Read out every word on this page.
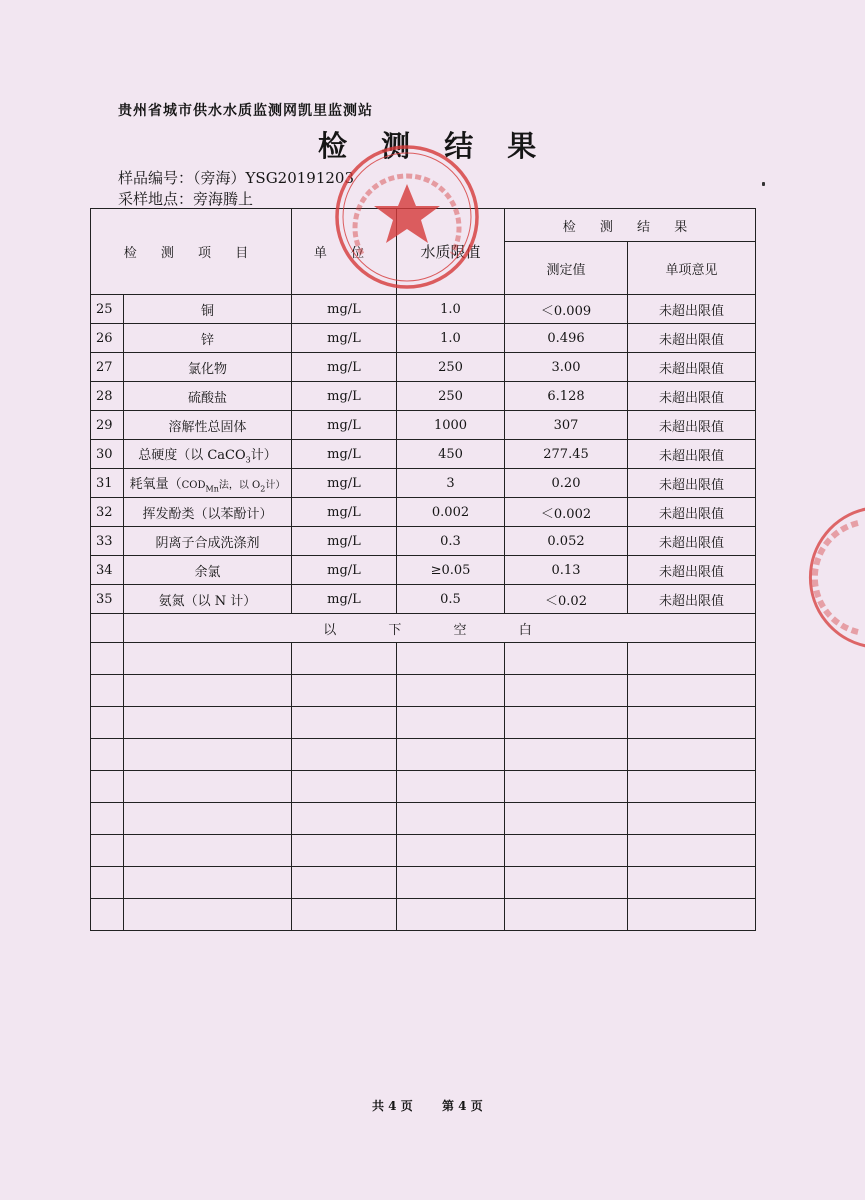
贵州省城市供水水质监测网凯里监测站
检 测 结 果
样品编号：（旁海）YSG20191203
采样地点：旁海腾上
检 测 项 目		单 位	水质限值	检 测 结 果	
				测定值	单项意见
25	铜	mg/L	1.0	＜0.009	未超出限值
26	锌	mg/L	1.0	0.496	未超出限值
27	氯化物	mg/L	250	3.00	未超出限值
28	硫酸盐	mg/L	250	6.128	未超出限值
29	溶解性总固体	mg/L	1000	307	未超出限值
30	总硬度（以 CaCO$_3$计）	mg/L	450	277.45	未超出限值
31	耗氧量（$COD_{Mn}$法，以 $O_2$计）	mg/L	3	0.20	未超出限值
32	挥发酚类（以苯酚计）	mg/L	0.002	＜0.002	未超出限值
33	阴离子合成洗涤剂	mg/L	0.3	0.052	未超出限值
34	余氯	mg/L	≥0.05	0.13	未超出限值
35	氨氮（以 N 计）	mg/L	0.5	＜0.02	未超出限值
	以 下 空 白				

共 4 页 第 4 页
